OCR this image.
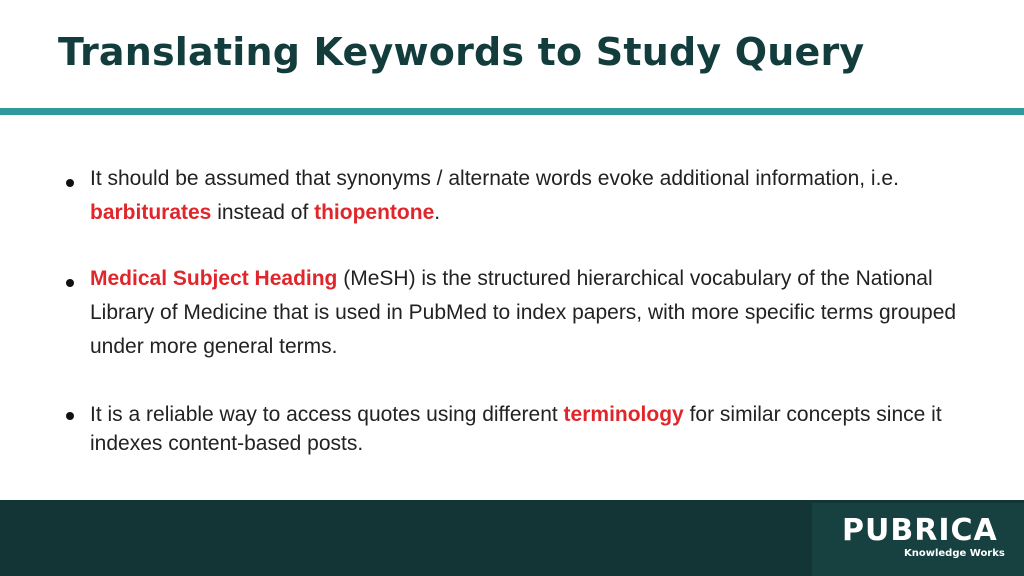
Translating Keywords to Study Query
It should be assumed that synonyms / alternate words evoke additional information, i.e. barbiturates instead of thiopentone.
Medical Subject Heading (MeSH) is the structured hierarchical vocabulary of the National Library of Medicine that is used in PubMed to index papers, with more specific terms grouped under more general terms.
It is a reliable way to access quotes using different terminology for similar concepts since it indexes content-based posts.
PUBRICA
Knowledge Works
